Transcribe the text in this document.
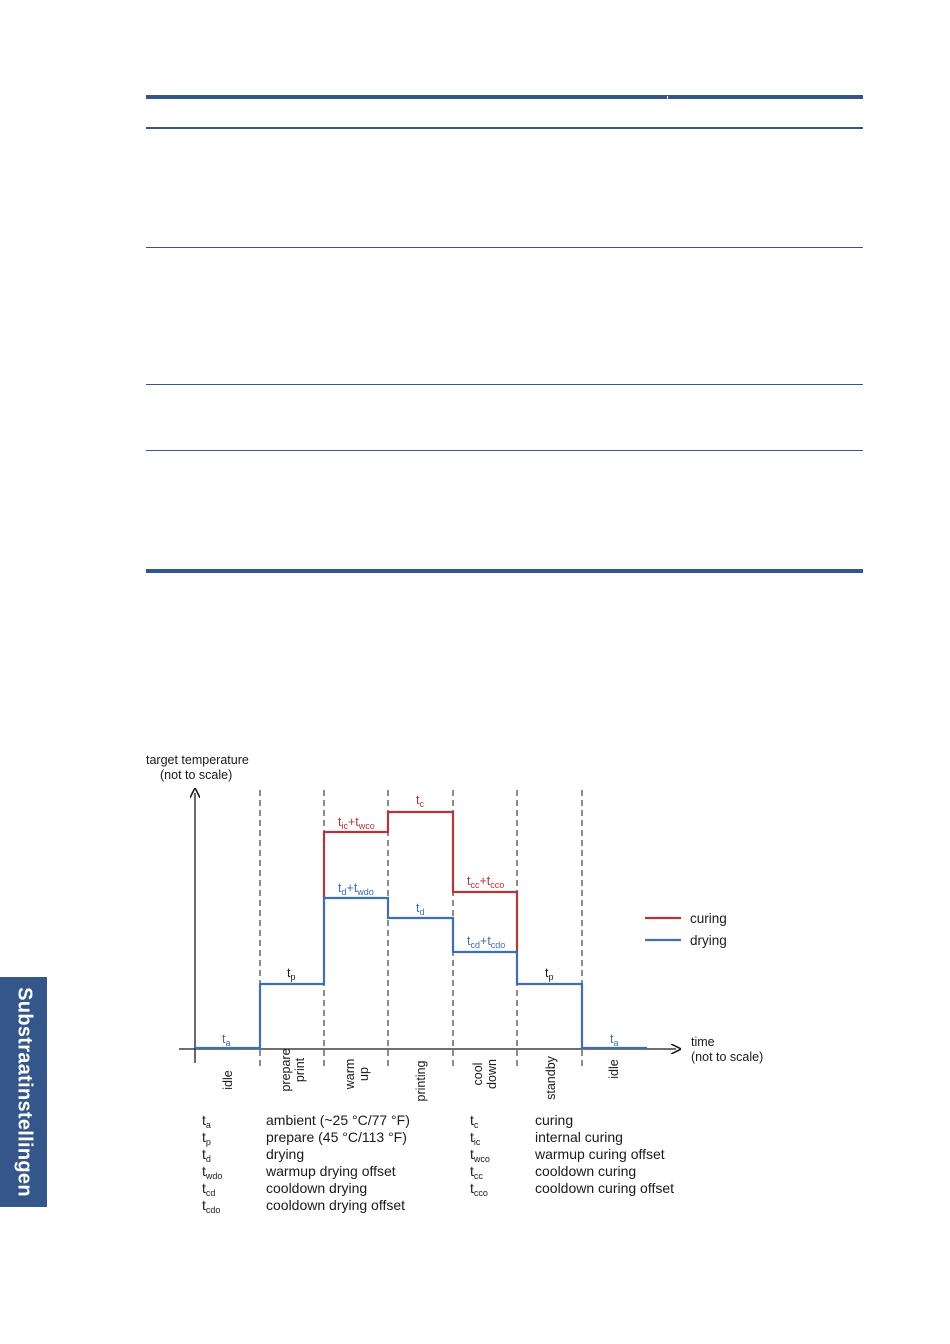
Substraatinstellingen
target temperature
(not to scale)
time
(not to scale)
$t_a$
$t_p$
$t_{ic}+t_{wco}$
$t_d+t_{wdo}$
$t_c$
$t_d$
$t_{cc}+t_{cco}$
$t_{cd}+t_{cdo}$
$t_p$
$t_a$
curing
drying
idle	prepareprint	warmup	printing	cooldown	standby	idle
$t_a$	ambient (~25 °C/77 °F)
$t_p$	prepare (45 °C/113 °F)
$t_d$	drying
$t_{wdo}$	warmup drying offset
$t_{cd}$	cooldown drying
$t_{cdo}$	cooldown drying offset
$t_c$	curing
$t_{ic}$	internal curing
$t_{wco}$	warmup curing offset
$t_{cc}$	cooldown curing
$t_{cco}$	cooldown curing offset
